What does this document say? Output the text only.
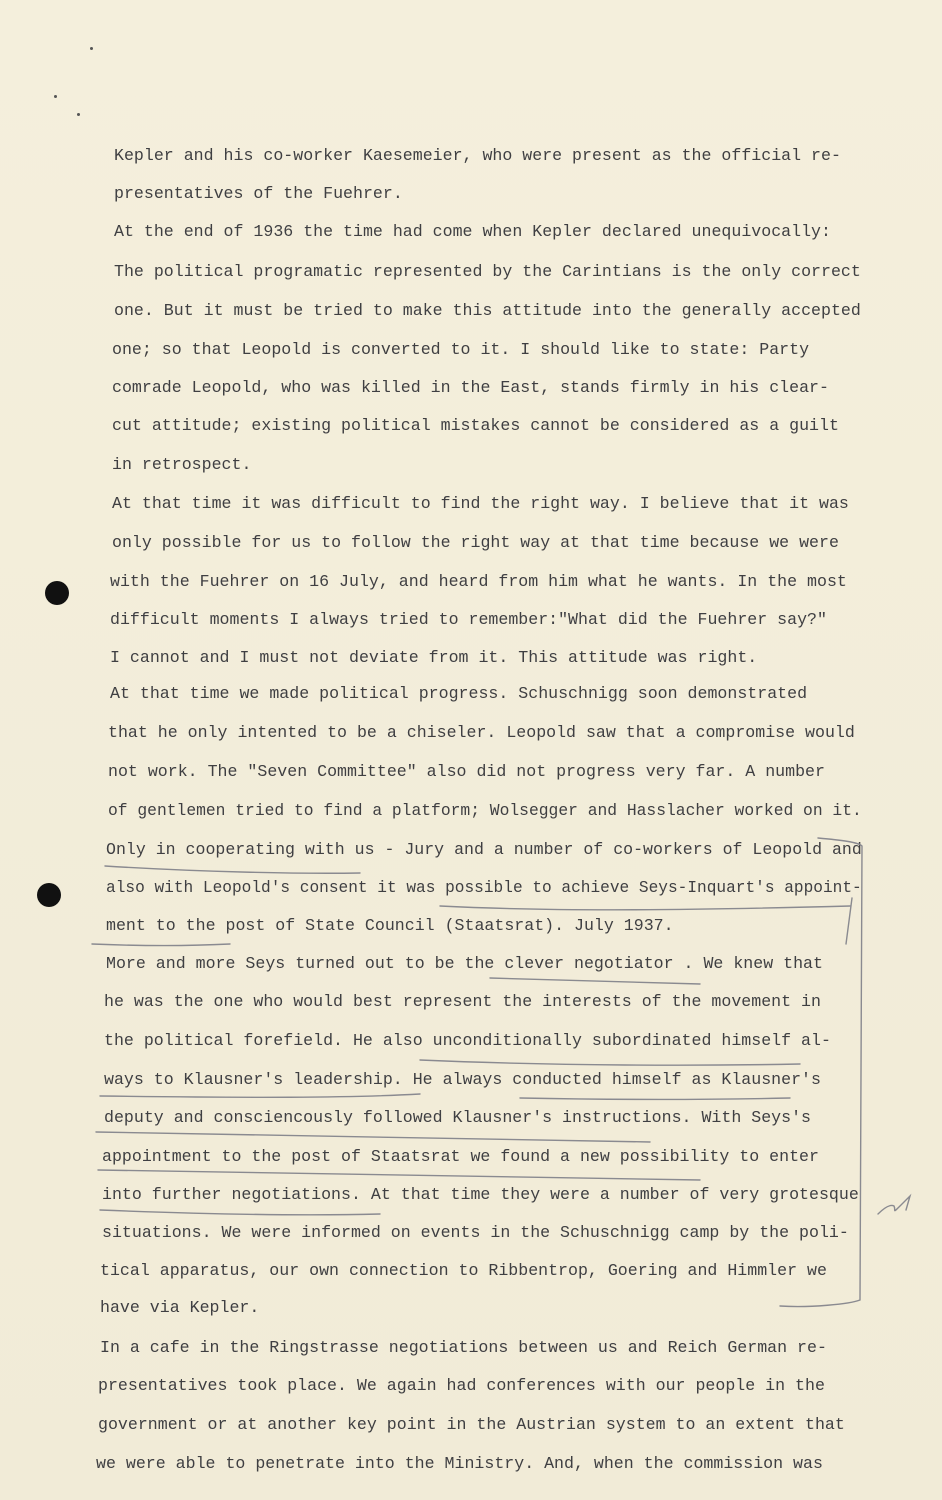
Kepler and his co-worker Kaesemeier, who were present as the official re-
presentatives of the Fuehrer.
At the end of 1936 the time had come when Kepler declared unequivocally:
The political programatic represented by the Carintians is the only correct
one. But it must be tried to make this attitude into the generally accepted
one; so that Leopold is converted to it. I should like to state: Party
comrade Leopold, who was killed in the East, stands firmly in his clear-
cut attitude; existing political mistakes cannot be considered as a guilt
in retrospect.
At that time it was difficult to find the right way. I believe that it was
only possible for us to follow the right way at that time because we were
with the Fuehrer on 16 July, and heard from him what he wants. In the most
difficult moments I always tried to remember:"What did the Fuehrer say?"
I cannot and I must not deviate from it. This attitude was right.
At that time we made political progress. Schuschnigg soon demonstrated
that he only intented to be a chiseler. Leopold saw that a compromise would
not work. The "Seven Committee" also did not progress very far. A number
of gentlemen tried to find a platform; Wolsegger and Hasslacher worked on it.
Only in cooperating with us - Jury and a number of co-workers of Leopold and
also with Leopold's consent it was possible to achieve Seys-Inquart's appoint-
ment to the post of State Council (Staatsrat). July 1937.
More and more Seys turned out to be the clever negotiator . We knew that
he was the one who would best represent the interests of the movement in
the political forefield. He also unconditionally subordinated himself al-
ways to Klausner's leadership. He always conducted himself as Klausner's
deputy and consciencously followed Klausner's instructions. With Seys's
appointment to the post of Staatsrat we found a new possibility to enter
into further negotiations. At that time they were a number of very grotesque
situations. We were informed on events in the Schuschnigg camp by the poli-
tical apparatus, our own connection to Ribbentrop, Goering and Himmler we
have via Kepler.
In a cafe in the Ringstrasse negotiations between us and Reich German re-
presentatives took place. We again had conferences with our people in the
government or at another key point in the Austrian system to an extent that
we were able to penetrate into the Ministry. And, when the commission was
